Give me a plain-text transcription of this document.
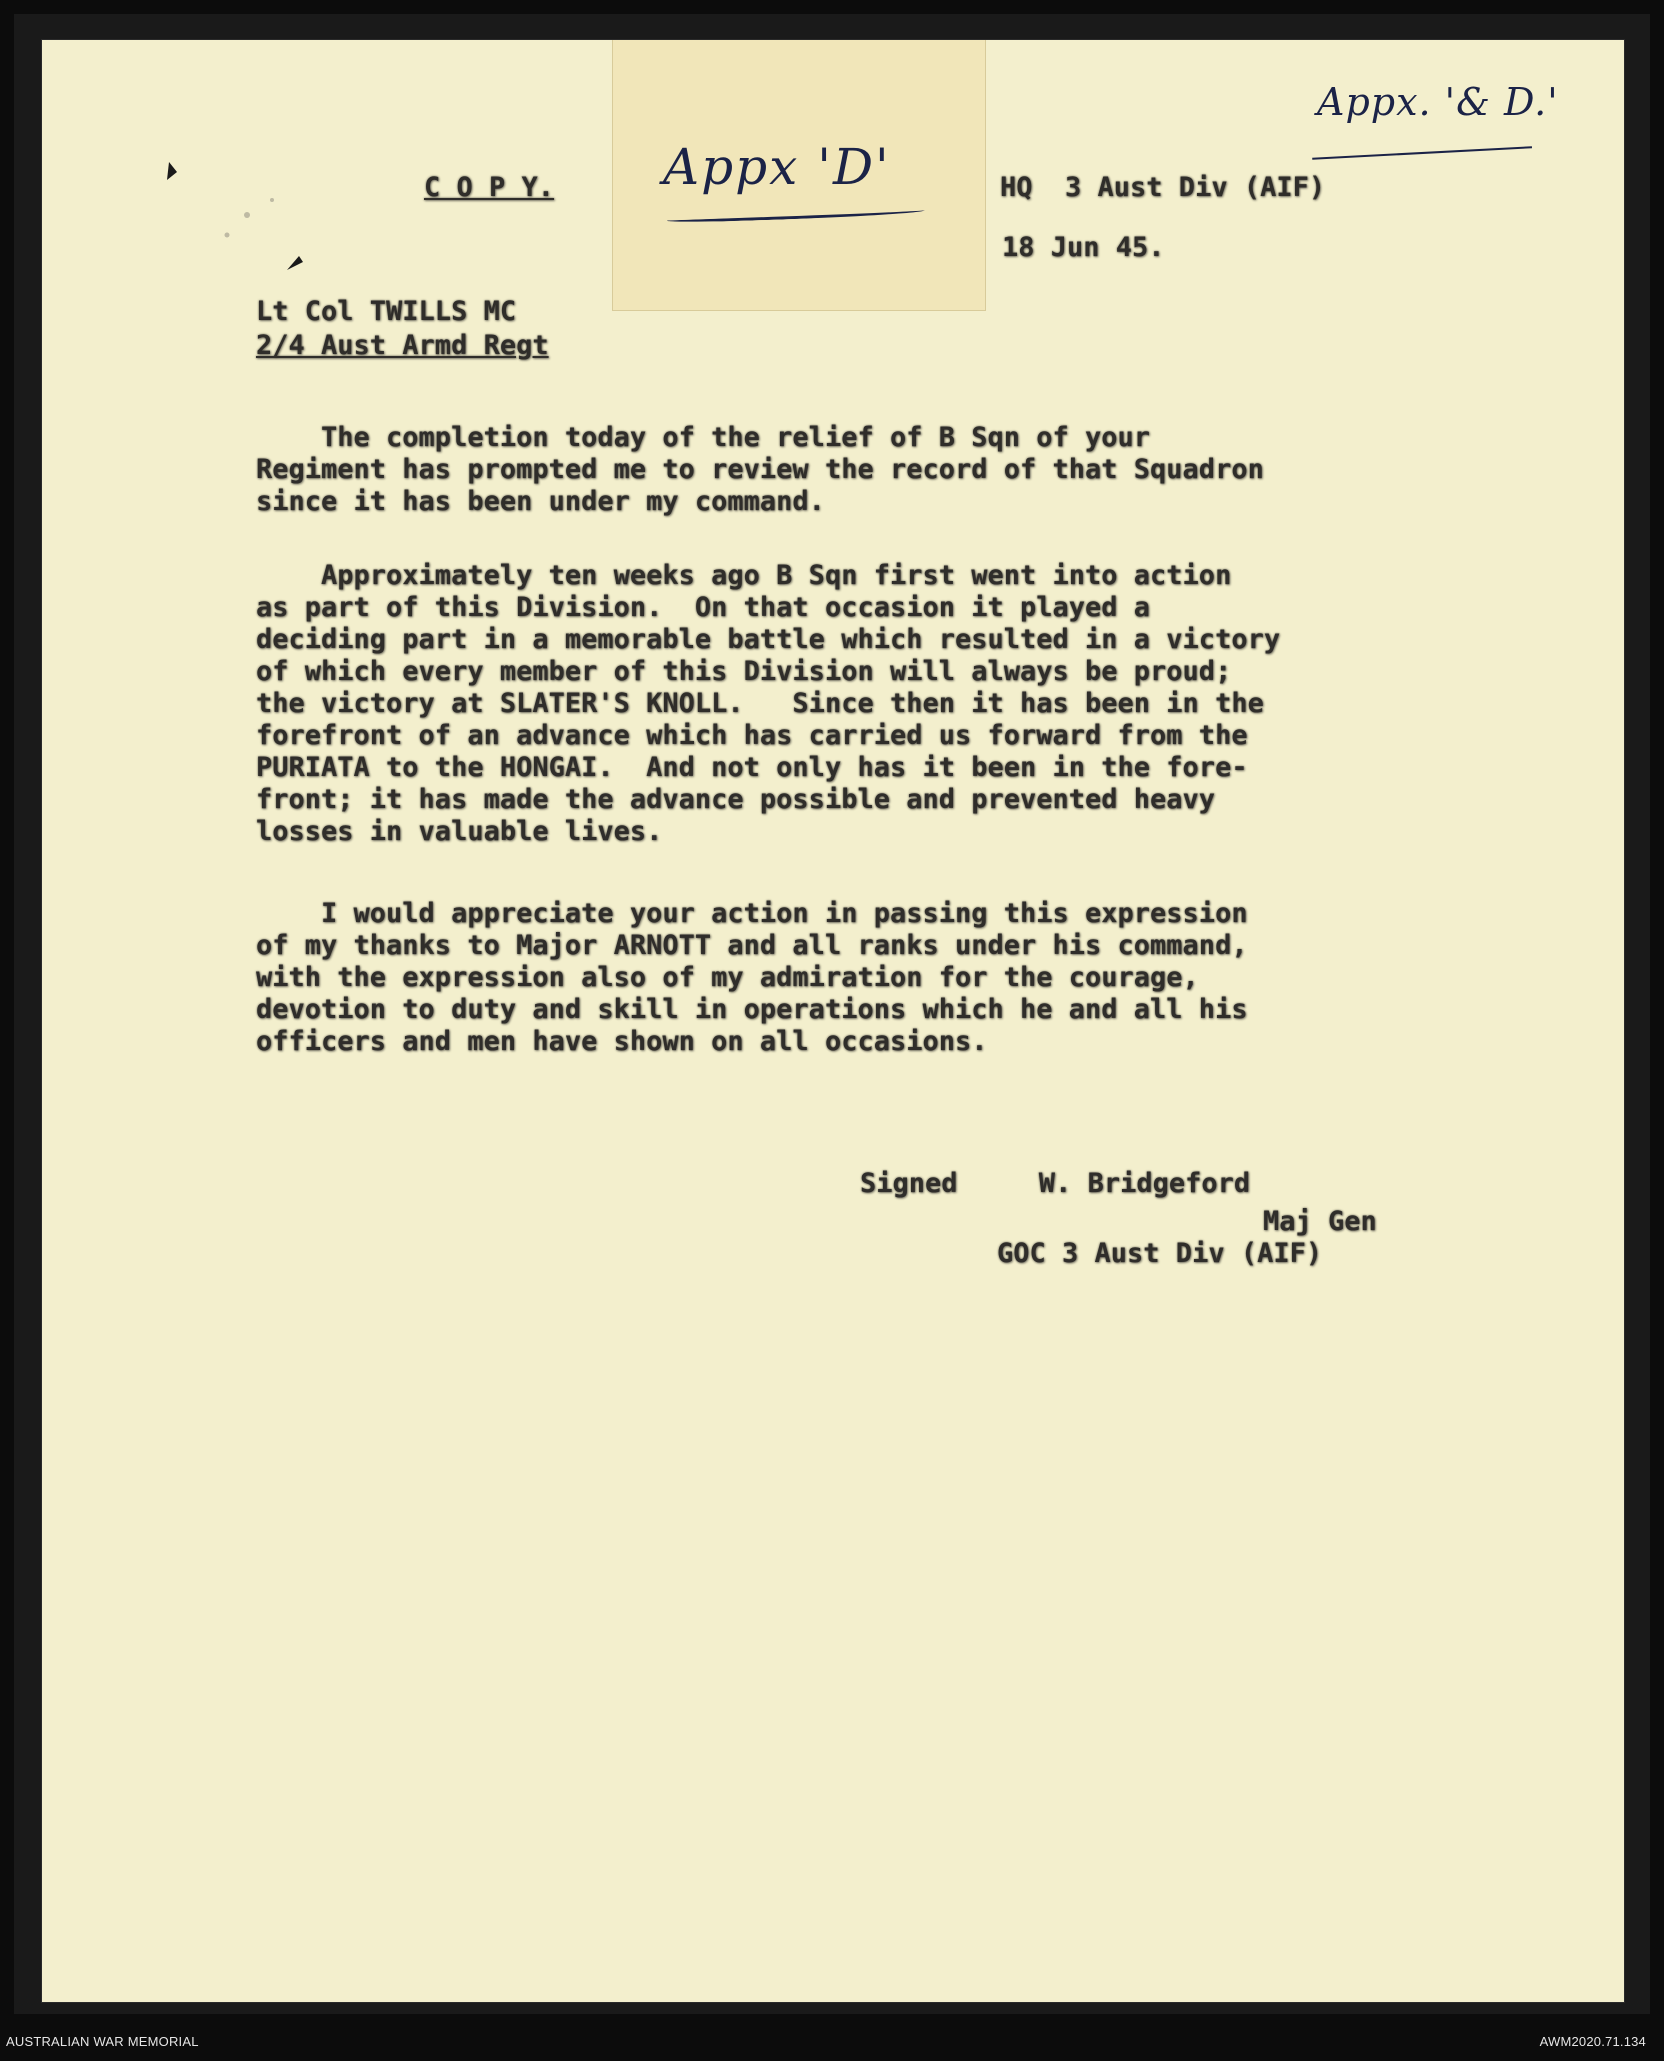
C O P Y.	HQ  3 Aust Div (AIF)
18 Jun 45.
Lt Col TWILLS MC
2/4 Aust Armd Regt
Appx 'D'
Appx. '& D.'
The completion today of the relief of B Sqn of your
Regiment has prompted me to review the record of that Squadron
since it has been under my command.
Approximately ten weeks ago B Sqn first went into action
as part of this Division.  On that occasion it played a
deciding part in a memorable battle which resulted in a victory
of which every member of this Division will always be proud;
the victory at SLATER'S KNOLL.   Since then it has been in the
forefront of an advance which has carried us forward from the
PURIATA to the HONGAI.  And not only has it been in the fore-
front; it has made the advance possible and prevented heavy
losses in valuable lives.
I would appreciate your action in passing this expression
of my thanks to Major ARNOTT and all ranks under his command,
with the expression also of my admiration for the courage,
devotion to duty and skill in operations which he and all his
officers and men have shown on all occasions.
Signed     W. Bridgeford
Maj Gen
GOC 3 Aust Div (AIF)
AUSTRALIAN WAR MEMORIAL	AWM2020.71.134
